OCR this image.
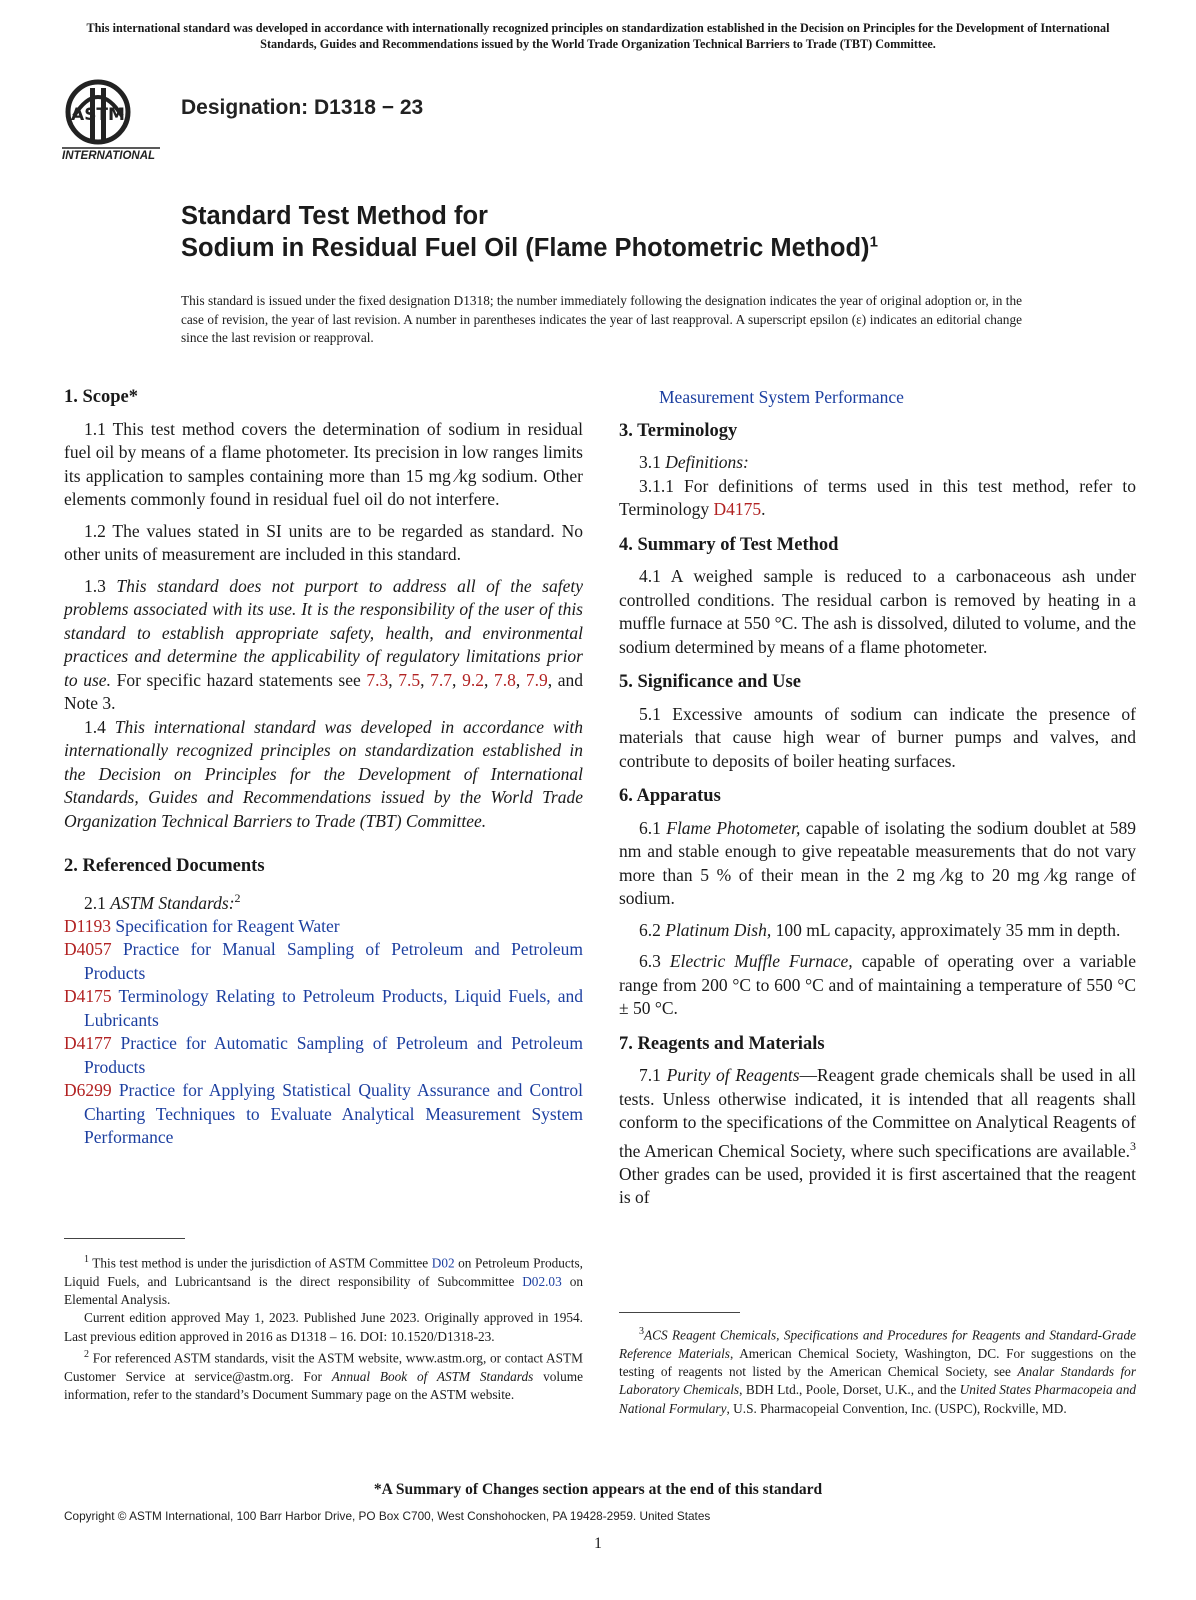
This international standard was developed in accordance with internationally recognized principles on standardization established in the Decision on Principles for the Development of International Standards, Guides and Recommendations issued by the World Trade Organization Technical Barriers to Trade (TBT) Committee.
ASTM
INTERNATIONAL
Designation: D1318 − 23
Standard Test Method for
Sodium in Residual Fuel Oil (Flame Photometric Method)$^1$
This standard is issued under the fixed designation D1318; the number immediately following the designation indicates the year of original adoption or, in the case of revision, the year of last revision. A number in parentheses indicates the year of last reapproval. A superscript epsilon (ε) indicates an editorial change since the last revision or reapproval.
1. Scope*

1.1 This test method covers the determination of sodium in residual fuel oil by means of a flame photometer. Its precision in low ranges limits its application to samples containing more than 15 mg ⁄kg sodium. Other elements commonly found in residual fuel oil do not interfere.

1.2 The values stated in SI units are to be regarded as standard. No other units of measurement are included in this standard.

1.3 This standard does not purport to address all of the safety problems associated with its use. It is the responsibility of the user of this standard to establish appropriate safety, health, and environmental practices and determine the applicability of regulatory limitations prior to use. For specific hazard statements see 7.3, 7.5, 7.7, 9.2, 7.8, 7.9, and Note 3.

1.4 This international standard was developed in accordance with internationally recognized principles on standardization established in the Decision on Principles for the Development of International Standards, Guides and Recommendations issued by the World Trade Organization Technical Barriers to Trade (TBT) Committee.

2. Referenced Documents

2.1 ASTM Standards:$^2$

D1193 Specification for Reagent Water

D4057 Practice for Manual Sampling of Petroleum and Petroleum Products

D4175 Terminology Relating to Petroleum Products, Liquid Fuels, and Lubricants

D4177 Practice for Automatic Sampling of Petroleum and Petroleum Products

D6299 Practice for Applying Statistical Quality Assurance and Control Charting Techniques to Evaluate Analytical Measurement System Performance

$^1$ This test method is under the jurisdiction of ASTM Committee D02 on Petroleum Products, Liquid Fuels, and Lubricantsand is the direct responsibility of Subcommittee D02.03 on Elemental Analysis.

Current edition approved May 1, 2023. Published June 2023. Originally approved in 1954. Last previous edition approved in 2016 as D1318 – 16. DOI: 10.1520/D1318-23.

$^2$ For referenced ASTM standards, visit the ASTM website, www.astm.org, or contact ASTM Customer Service at service@astm.org. For Annual Book of ASTM Standards volume information, refer to the standard’s Document Summary page on the ASTM website.

Measurement System Performance

3. Terminology

3.1 Definitions:

3.1.1 For definitions of terms used in this test method, refer to Terminology D4175.

4. Summary of Test Method

4.1 A weighed sample is reduced to a carbonaceous ash under controlled conditions. The residual carbon is removed by heating in a muffle furnace at 550 °C. The ash is dissolved, diluted to volume, and the sodium determined by means of a flame photometer.

5. Significance and Use

5.1 Excessive amounts of sodium can indicate the presence of materials that cause high wear of burner pumps and valves, and contribute to deposits of boiler heating surfaces.

6. Apparatus

6.1 Flame Photometer, capable of isolating the sodium doublet at 589 nm and stable enough to give repeatable measurements that do not vary more than 5 % of their mean in the 2 mg ⁄kg to 20 mg ⁄kg range of sodium.

6.2 Platinum Dish, 100 mL capacity, approximately 35 mm in depth.

6.3 Electric Muffle Furnace, capable of operating over a variable range from 200 °C to 600 °C and of maintaining a temperature of 550 °C ± 50 °C.

7. Reagents and Materials

7.1 Purity of Reagents—Reagent grade chemicals shall be used in all tests. Unless otherwise indicated, it is intended that all reagents shall conform to the specifications of the Committee on Analytical Reagents of the American Chemical Society, where such specifications are available.$^3$ Other grades can be used, provided it is first ascertained that the reagent is of

$^3$ACS Reagent Chemicals, Specifications and Procedures for Reagents and Standard-Grade Reference Materials, American Chemical Society, Washington, DC. For suggestions on the testing of reagents not listed by the American Chemical Society, see Analar Standards for Laboratory Chemicals, BDH Ltd., Poole, Dorset, U.K., and the United States Pharmacopeia and National Formulary, U.S. Pharmacopeial Convention, Inc. (USPC), Rockville, MD.

*A Summary of Changes section appears at the end of this standard
Copyright © ASTM International, 100 Barr Harbor Drive, PO Box C700, West Conshohocken, PA 19428-2959. United States
1
